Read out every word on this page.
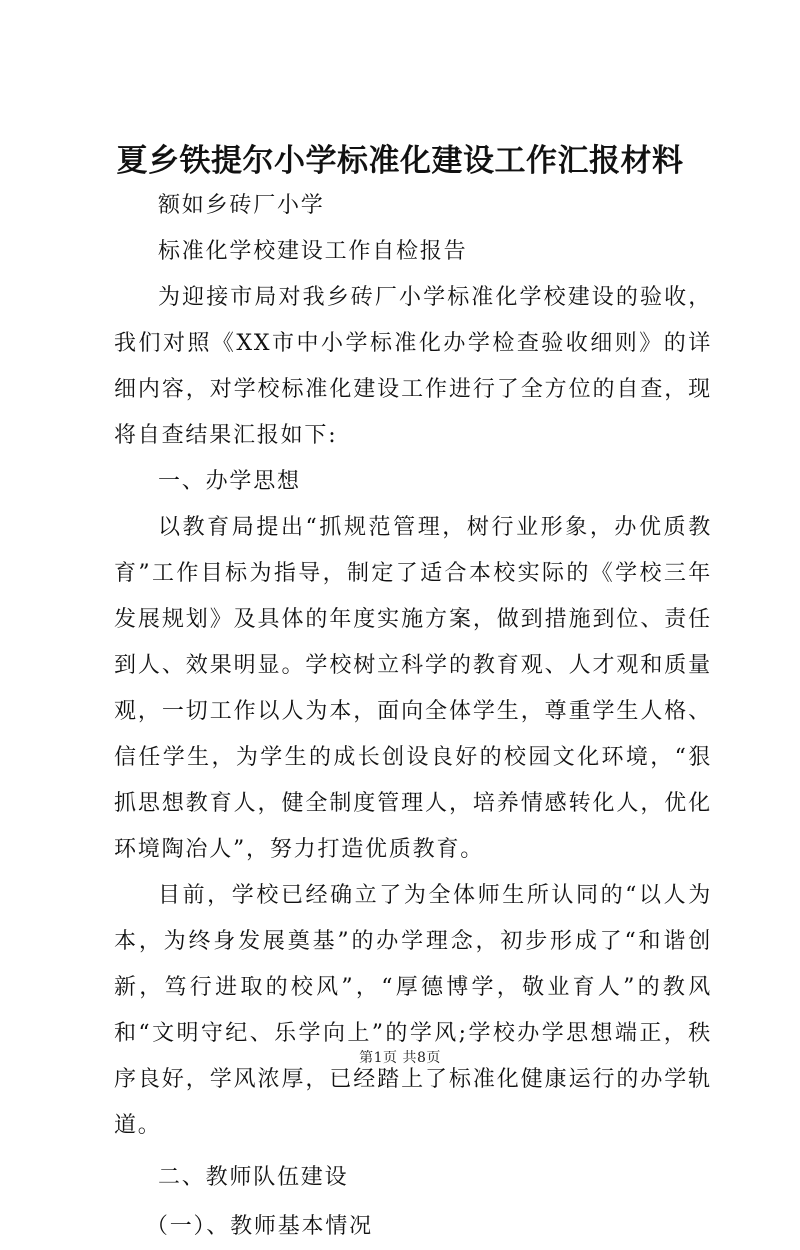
夏乡铁提尔小学标准化建设工作汇报材料

额如乡砖厂小学

标准化学校建设工作自检报告

为迎接市局对我乡砖厂小学标准化学校建设的验收，我们对照《XX市中小学标准化办学检查验收细则》的详细内容，对学校标准化建设工作进行了全方位的自查，现将自查结果汇报如下:

一、办学思想

以教育局提出“抓规范管理，树行业形象，办优质教育”工作目标为指导，制定了适合本校实际的《学校三年发展规划》及具体的年度实施方案，做到措施到位、责任到人、效果明显。学校树立科学的教育观、人才观和质量观，一切工作以人为本，面向全体学生，尊重学生人格、信任学生，为学生的成长创设良好的校园文化环境，“狠抓思想教育人，健全制度管理人，培养情感转化人，优化环境陶冶人”，努力打造优质教育。

目前，学校已经确立了为全体师生所认同的“以人为本，为终身发展奠基”的办学理念，初步形成了“和谐创新，笃行进取的校风”，“厚德博学，敬业育人”的教风和“文明守纪、乐学向上”的学风;学校办学思想端正，秩序良好，学风浓厚，已经踏上了标准化健康运行的办学轨道。

二、教师队伍建设

（一）、教师基本情况

第1页 共8页
